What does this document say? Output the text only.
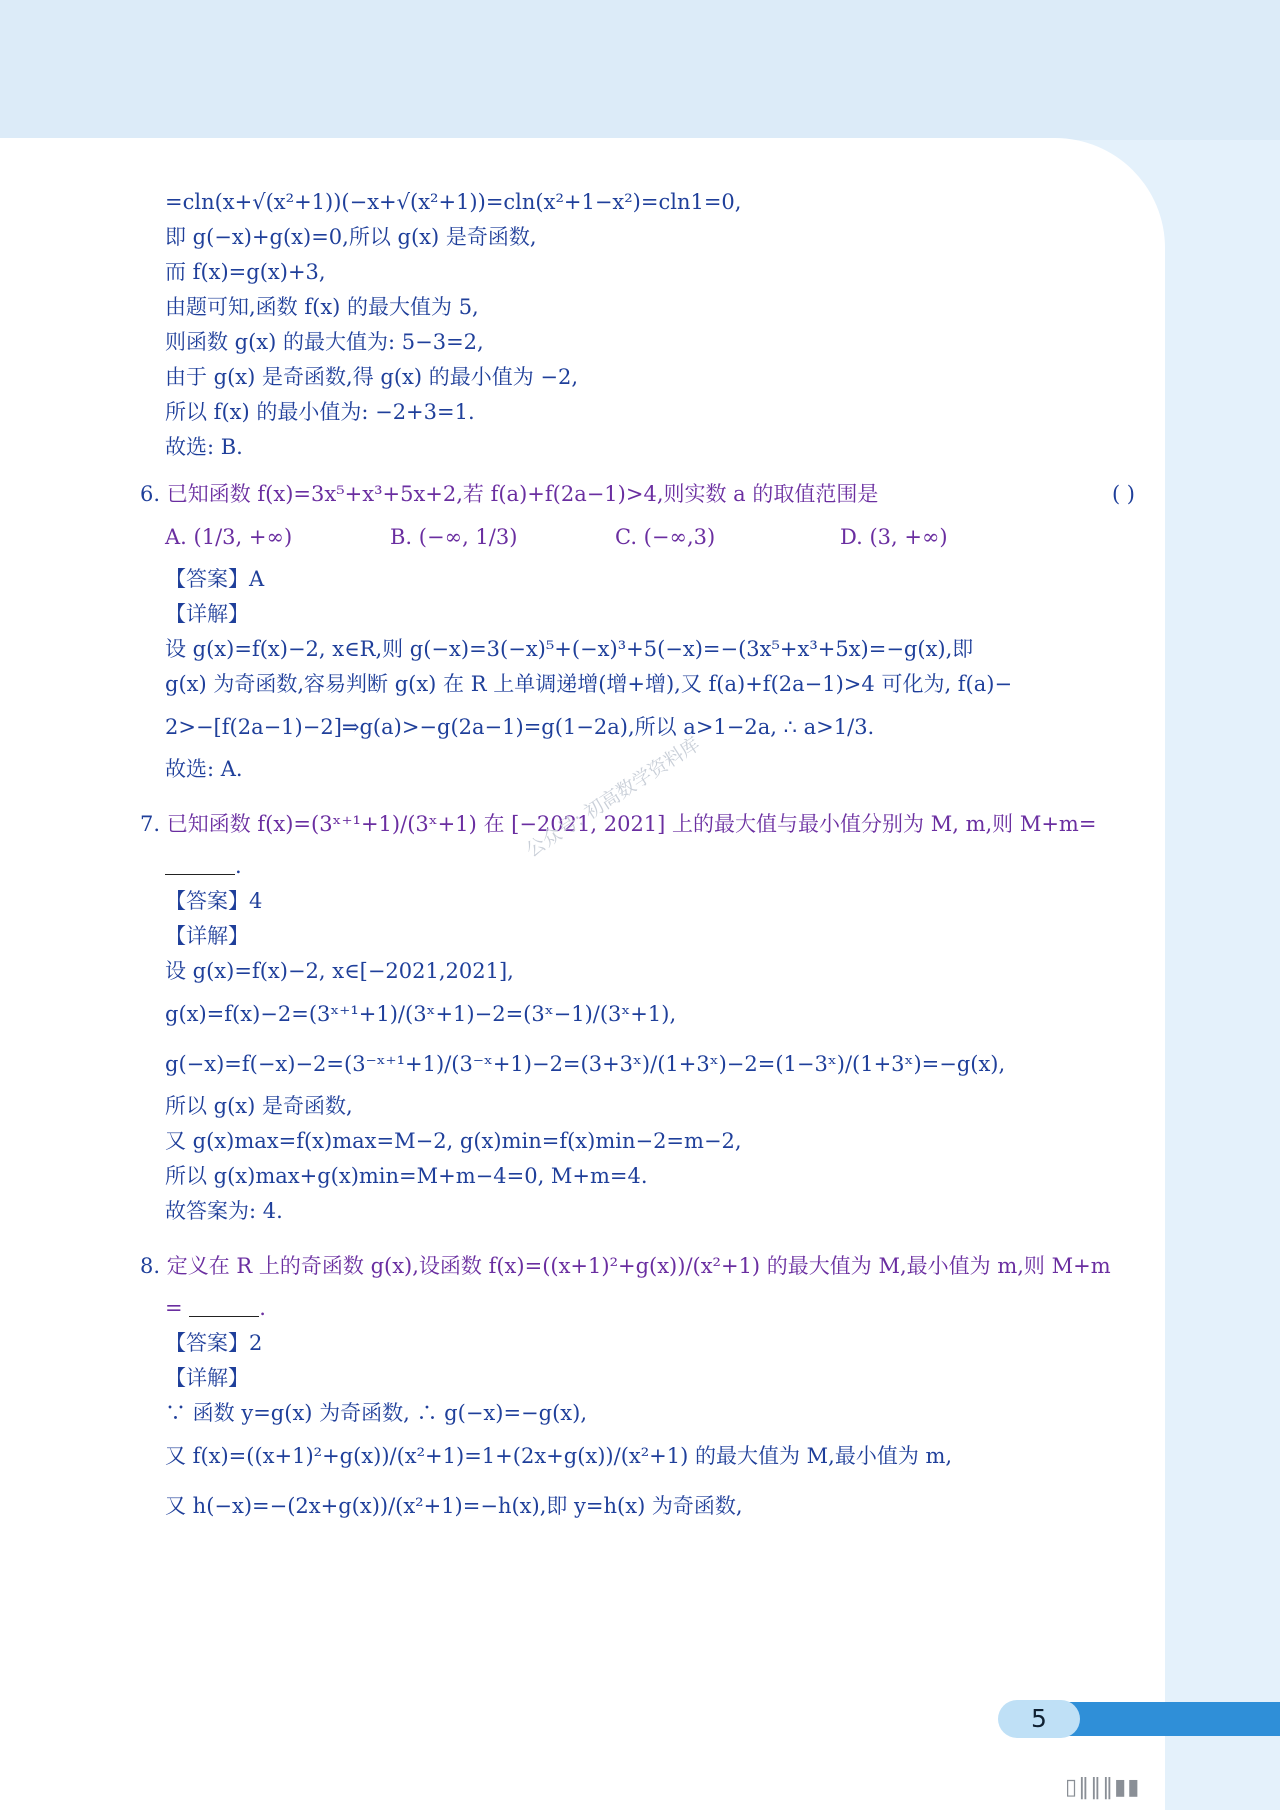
=cln(x+√(x²+1))(−x+√(x²+1))=cln(x²+1−x²)=cln1=0,
即 g(−x)+g(x)=0,所以 g(x) 是奇函数,
而 f(x)=g(x)+3,
由题可知,函数 f(x) 的最大值为 5,
则函数 g(x) 的最大值为: 5−3=2,
由于 g(x) 是奇函数,得 g(x) 的最小值为 −2,
所以 f(x) 的最小值为: −2+3=1.
故选: B.
6. 已知函数 f(x)=3x⁵+x³+5x+2,若 f(a)+f(2a−1)>4,则实数 a 的取值范围是	( )
A. (1/3, +∞)	B. (−∞, 1/3)	C. (−∞,3)	D. (3, +∞)
【答案】A
【详解】
设 g(x)=f(x)−2, x∈R,则 g(−x)=3(−x)⁵+(−x)³+5(−x)=−(3x⁵+x³+5x)=−g(x),即
g(x) 为奇函数,容易判断 g(x) 在 R 上单调递增(增+增),又 f(a)+f(2a−1)>4 可化为, f(a)−
2>−[f(2a−1)−2]⇒g(a)>−g(2a−1)=g(1−2a),所以 a>1−2a, ∴ a>1/3.
故选: A.
7. 已知函数 f(x)=(3ˣ⁺¹+1)/(3ˣ+1) 在 [−2021, 2021] 上的最大值与最小值分别为 M, m,则 M+m=
.
【答案】4
【详解】
设 g(x)=f(x)−2, x∈[−2021,2021],
g(x)=f(x)−2=(3ˣ⁺¹+1)/(3ˣ+1)−2=(3ˣ−1)/(3ˣ+1),
g(−x)=f(−x)−2=(3⁻ˣ⁺¹+1)/(3⁻ˣ+1)−2=(3+3ˣ)/(1+3ˣ)−2=(1−3ˣ)/(1+3ˣ)=−g(x),
所以 g(x) 是奇函数,
又 g(x)max=f(x)max=M−2, g(x)min=f(x)min−2=m−2,
所以 g(x)max+g(x)min=M+m−4=0, M+m=4.
故答案为: 4.
8. 定义在 R 上的奇函数 g(x),设函数 f(x)=((x+1)²+g(x))/(x²+1) 的最大值为 M,最小值为 m,则 M+m
=	.
【答案】2
【详解】
∵ 函数 y=g(x) 为奇函数, ∴ g(−x)=−g(x),
又 f(x)=((x+1)²+g(x))/(x²+1)=1+(2x+g(x))/(x²+1) 的最大值为 M,最小值为 m,
又 h(−x)=−(2x+g(x))/(x²+1)=−h(x),即 y=h(x) 为奇函数,
公众号: 初高数学资料库
5
▯‖‖‖▮▮
